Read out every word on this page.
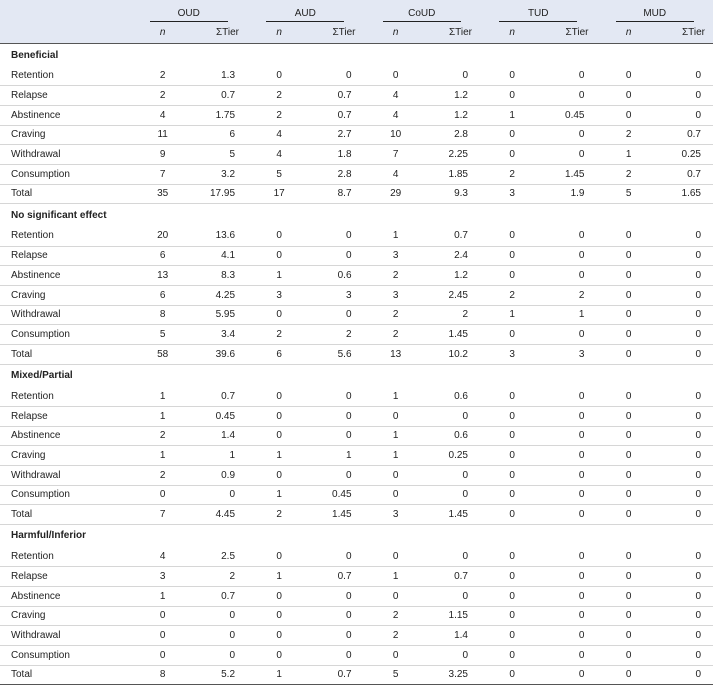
	OUD		AUD		CoUD		TUD		MUD	
	n	ΣTier	n	ΣTier	n	ΣTier	n	ΣTier	n	ΣTier
Beneficial										
Retention	2	1.3	0	0	0	0	0	0	0	0
Relapse	2	0.7	2	0.7	4	1.2	0	0	0	0
Abstinence	4	1.75	2	0.7	4	1.2	1	0.45	0	0
Craving	11	6	4	2.7	10	2.8	0	0	2	0.7
Withdrawal	9	5	4	1.8	7	2.25	0	0	1	0.25
Consumption	7	3.2	5	2.8	4	1.85	2	1.45	2	0.7
Total	35	17.95	17	8.7	29	9.3	3	1.9	5	1.65
No significant effect										
Retention	20	13.6	0	0	1	0.7	0	0	0	0
Relapse	6	4.1	0	0	3	2.4	0	0	0	0
Abstinence	13	8.3	1	0.6	2	1.2	0	0	0	0
Craving	6	4.25	3	3	3	2.45	2	2	0	0
Withdrawal	8	5.95	0	0	2	2	1	1	0	0
Consumption	5	3.4	2	2	2	1.45	0	0	0	0
Total	58	39.6	6	5.6	13	10.2	3	3	0	0
Mixed/Partial										
Retention	1	0.7	0	0	1	0.6	0	0	0	0
Relapse	1	0.45	0	0	0	0	0	0	0	0
Abstinence	2	1.4	0	0	1	0.6	0	0	0	0
Craving	1	1	1	1	1	0.25	0	0	0	0
Withdrawal	2	0.9	0	0	0	0	0	0	0	0
Consumption	0	0	1	0.45	0	0	0	0	0	0
Total	7	4.45	2	1.45	3	1.45	0	0	0	0
Harmful/Inferior										
Retention	4	2.5	0	0	0	0	0	0	0	0
Relapse	3	2	1	0.7	1	0.7	0	0	0	0
Abstinence	1	0.7	0	0	0	0	0	0	0	0
Craving	0	0	0	0	2	1.15	0	0	0	0
Withdrawal	0	0	0	0	2	1.4	0	0	0	0
Consumption	0	0	0	0	0	0	0	0	0	0
Total	8	5.2	1	0.7	5	3.25	0	0	0	0
